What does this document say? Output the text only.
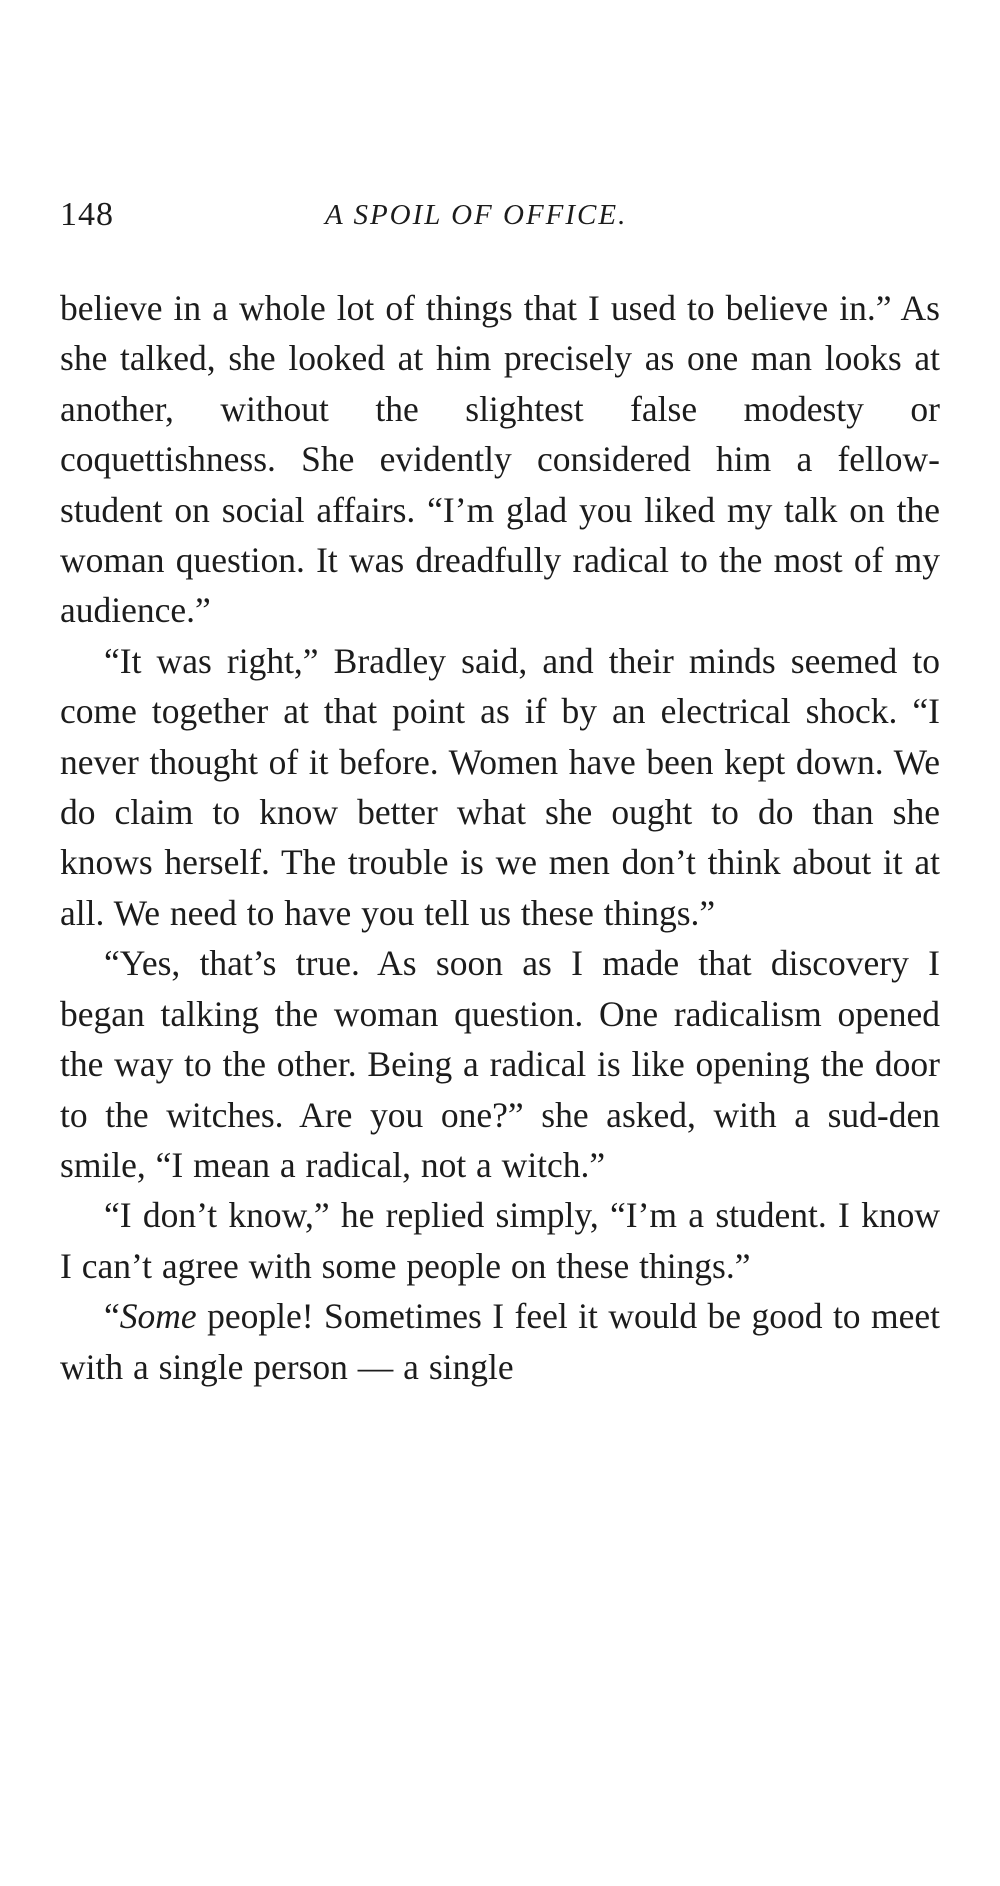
148	A SPOIL OF OFFICE.

believe in a whole lot of things that I used to believe in.” As she talked, she looked at him precisely as one man looks at another, without the slightest false modesty or coquettishness. She evidently considered him a fellow-student on social affairs. “I’m glad you liked my talk on the woman question. It was dreadfully radical to the most of my audience.”

“It was right,” Bradley said, and their minds seemed to come together at that point as if by an electrical shock. “I never thought of it before. Women have been kept down. We do claim to know better what she ought to do than she knows herself. The trouble is we men don’t think about it at all. We need to have you tell us these things.”

“Yes, that’s true. As soon as I made that discovery I began talking the woman question. One radicalism opened the way to the other. Being a radical is like opening the door to the witches. Are you one?” she asked, with a sud-den smile, “I mean a radical, not a witch.”

“I don’t know,” he replied simply, “I’m a student. I know I can’t agree with some people on these things.”

“Some people! Sometimes I feel it would be good to meet with a single person — a single
